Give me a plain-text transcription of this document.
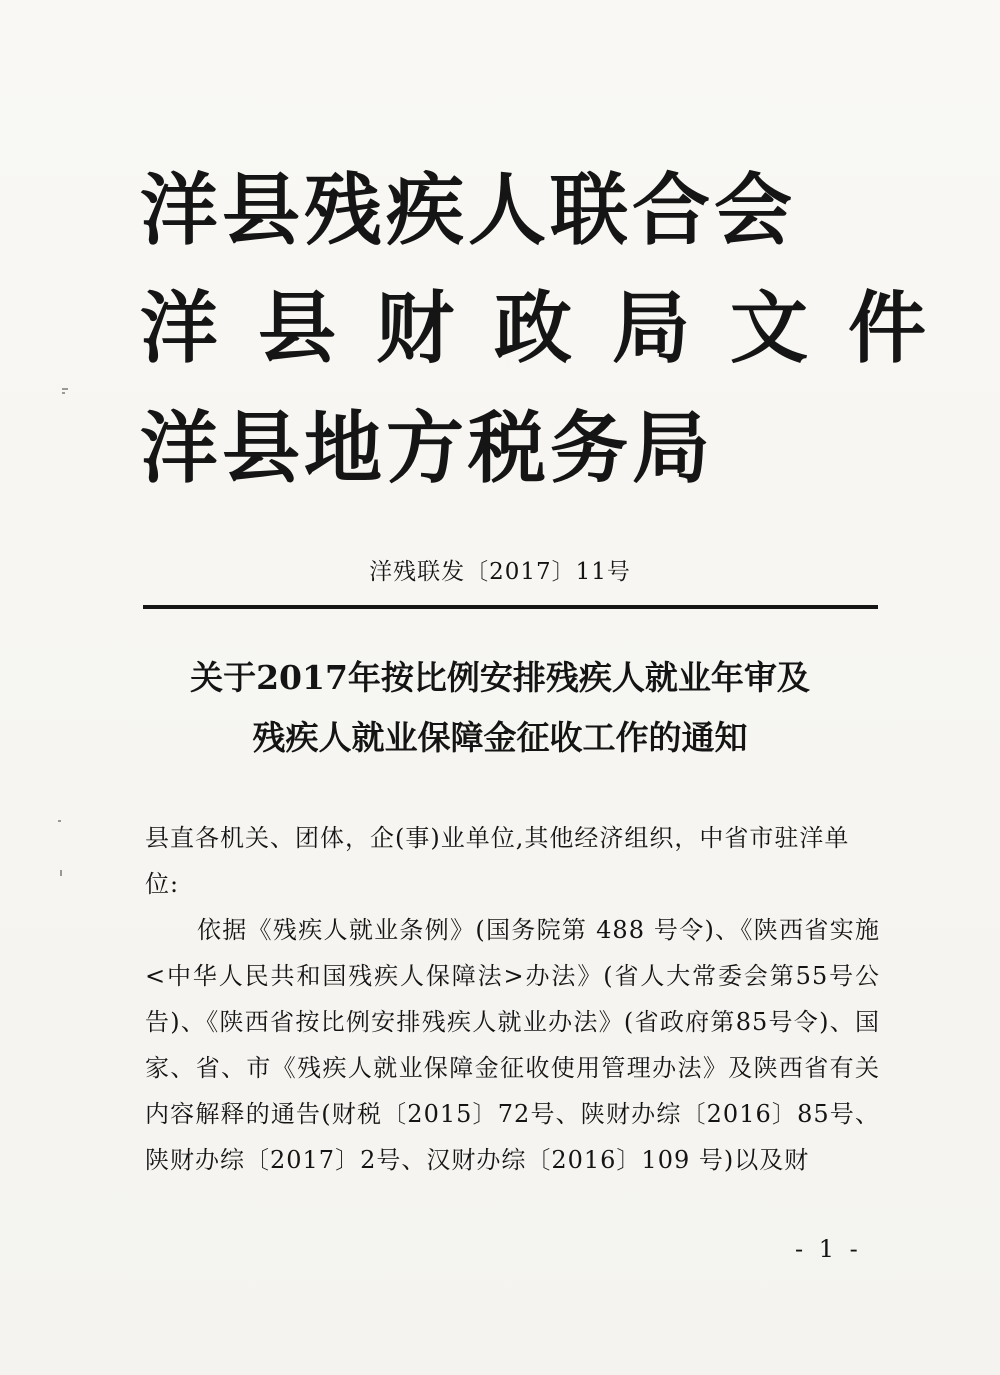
洋县残疾人联合会
洋县财政局文件
洋县地方税务局
洋残联发〔2017〕11号
关于2017年按比例安排残疾人就业年审及
残疾人就业保障金征收工作的通知
县直各机关、团体，企(事)业单位,其他经济组织，中省市驻洋单位:
依据《残疾人就业条例》(国务院第 488 号令)、《陕西省实施<中华人民共和国残疾人保障法>办法》(省人大常委会第55号公告)、《陕西省按比例安排残疾人就业办法》(省政府第85号令)、国家、省、市《残疾人就业保障金征收使用管理办法》及陕西省有关内容解释的通告(财税〔2015〕72号、陕财办综〔2016〕85号、陕财办综〔2017〕2号、汉财办综〔2016〕109 号)以及财
- 1 -
